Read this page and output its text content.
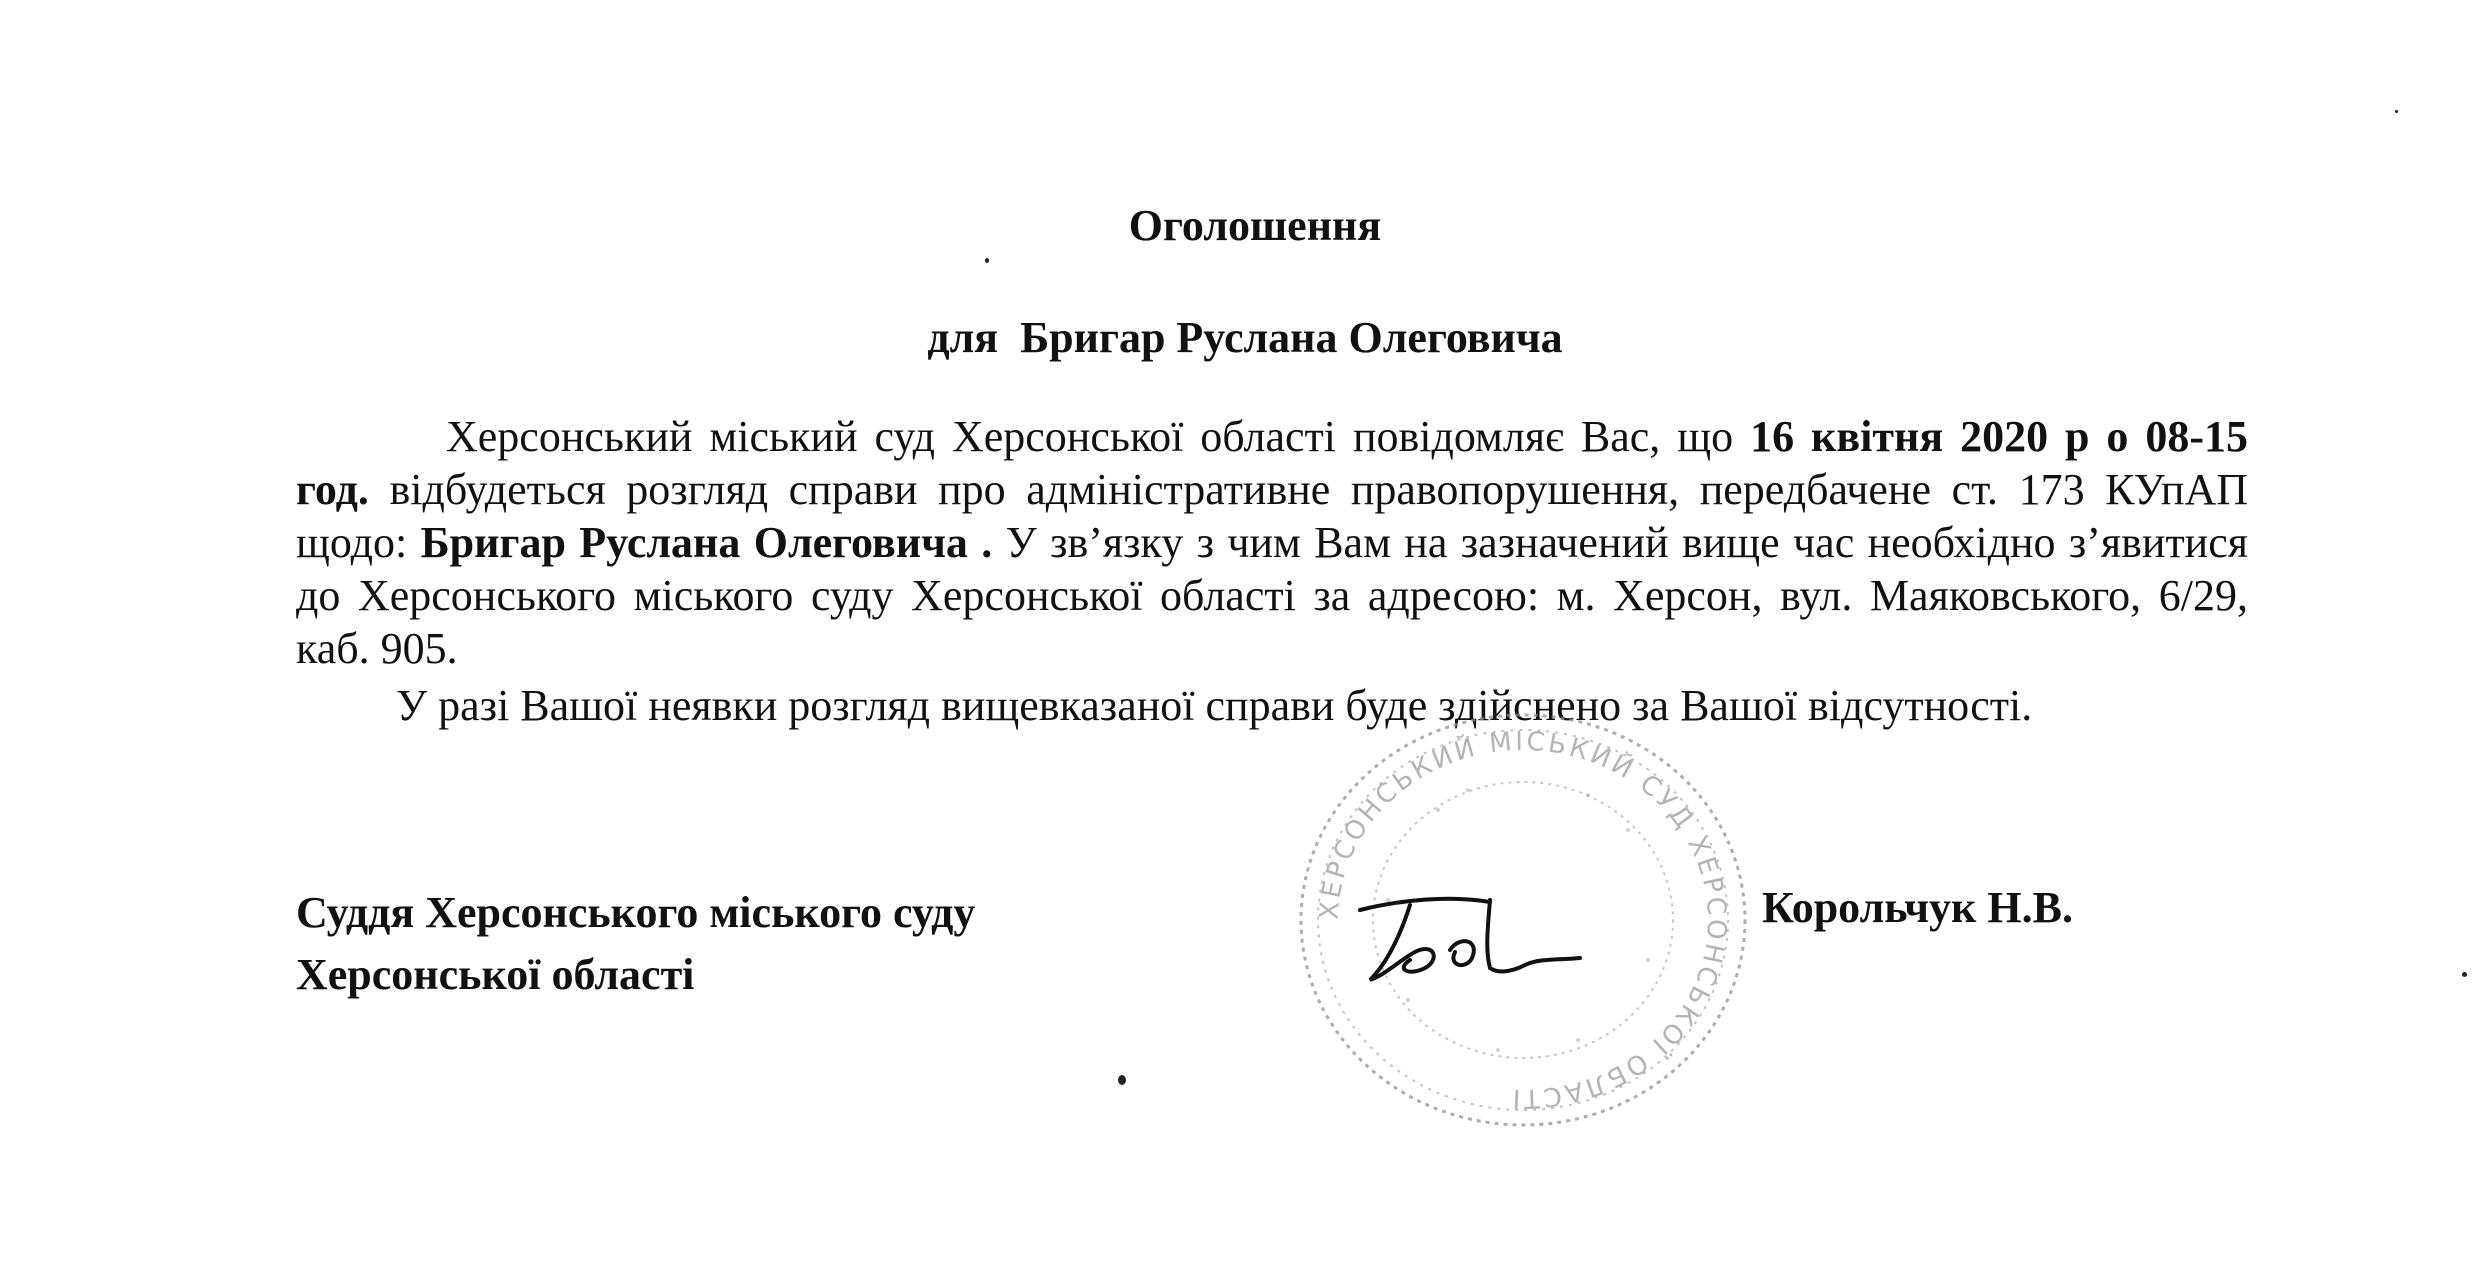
Оголошення
для Бригар Руслана Олеговича

Херсонський міський суд Херсонської області повідомляє Вас, що 16 квітня 2020 р о 08-15 год. відбудеться розгляд справи про адміністративне правопорушення, передбачене ст. 173 КУпАП щодо: Бригар Руслана Олеговича . У зв’язку з чим Вам на зазначений вище час необхідно з’явитися до Херсонського міського суду Херсонської області за адресою: м. Херсон, вул. Маяковського, 6/29, каб. 905.

У разі Вашої неявки розгляд вищевказаної справи буде здійснено за Вашої відсутності.

ХЕРСОНСЬКИЙ МІСЬКИЙ СУД ХЕРСОНСЬКОЇ ОБЛАСТІ
Суддя Херсонського міського суду
Херсонської області
Корольчук Н.В.
